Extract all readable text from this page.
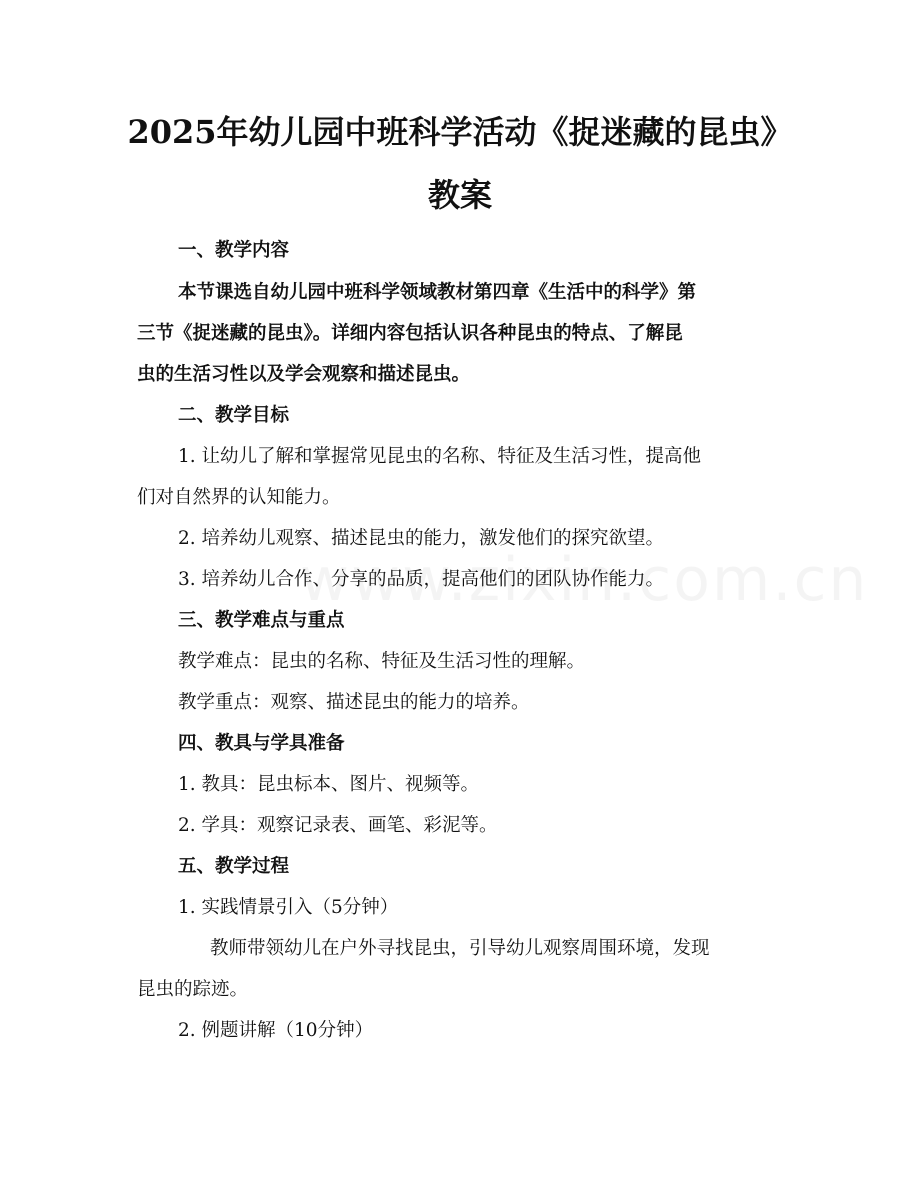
2025年幼儿园中班科学活动《捉迷藏的昆虫》
教案

一、教学内容

本节课选自幼儿园中班科学领域教材第四章《生活中的科学》第

三节《捉迷藏的昆虫》。详细内容包括认识各种昆虫的特点、了解昆

虫的生活习性以及学会观察和描述昆虫。

二、教学目标

1. 让幼儿了解和掌握常见昆虫的名称、特征及生活习性，提高他

们对自然界的认知能力。

2. 培养幼儿观察、描述昆虫的能力，激发他们的探究欲望。

3. 培养幼儿合作、分享的品质，提高他们的团队协作能力。

三、教学难点与重点

教学难点：昆虫的名称、特征及生活习性的理解。

教学重点：观察、描述昆虫的能力的培养。

四、教具与学具准备

1. 教具：昆虫标本、图片、视频等。

2. 学具：观察记录表、画笔、彩泥等。

五、教学过程

1. 实践情景引入（5分钟）

教师带领幼儿在户外寻找昆虫，引导幼儿观察周围环境，发现

昆虫的踪迹。

2. 例题讲解（10分钟）
